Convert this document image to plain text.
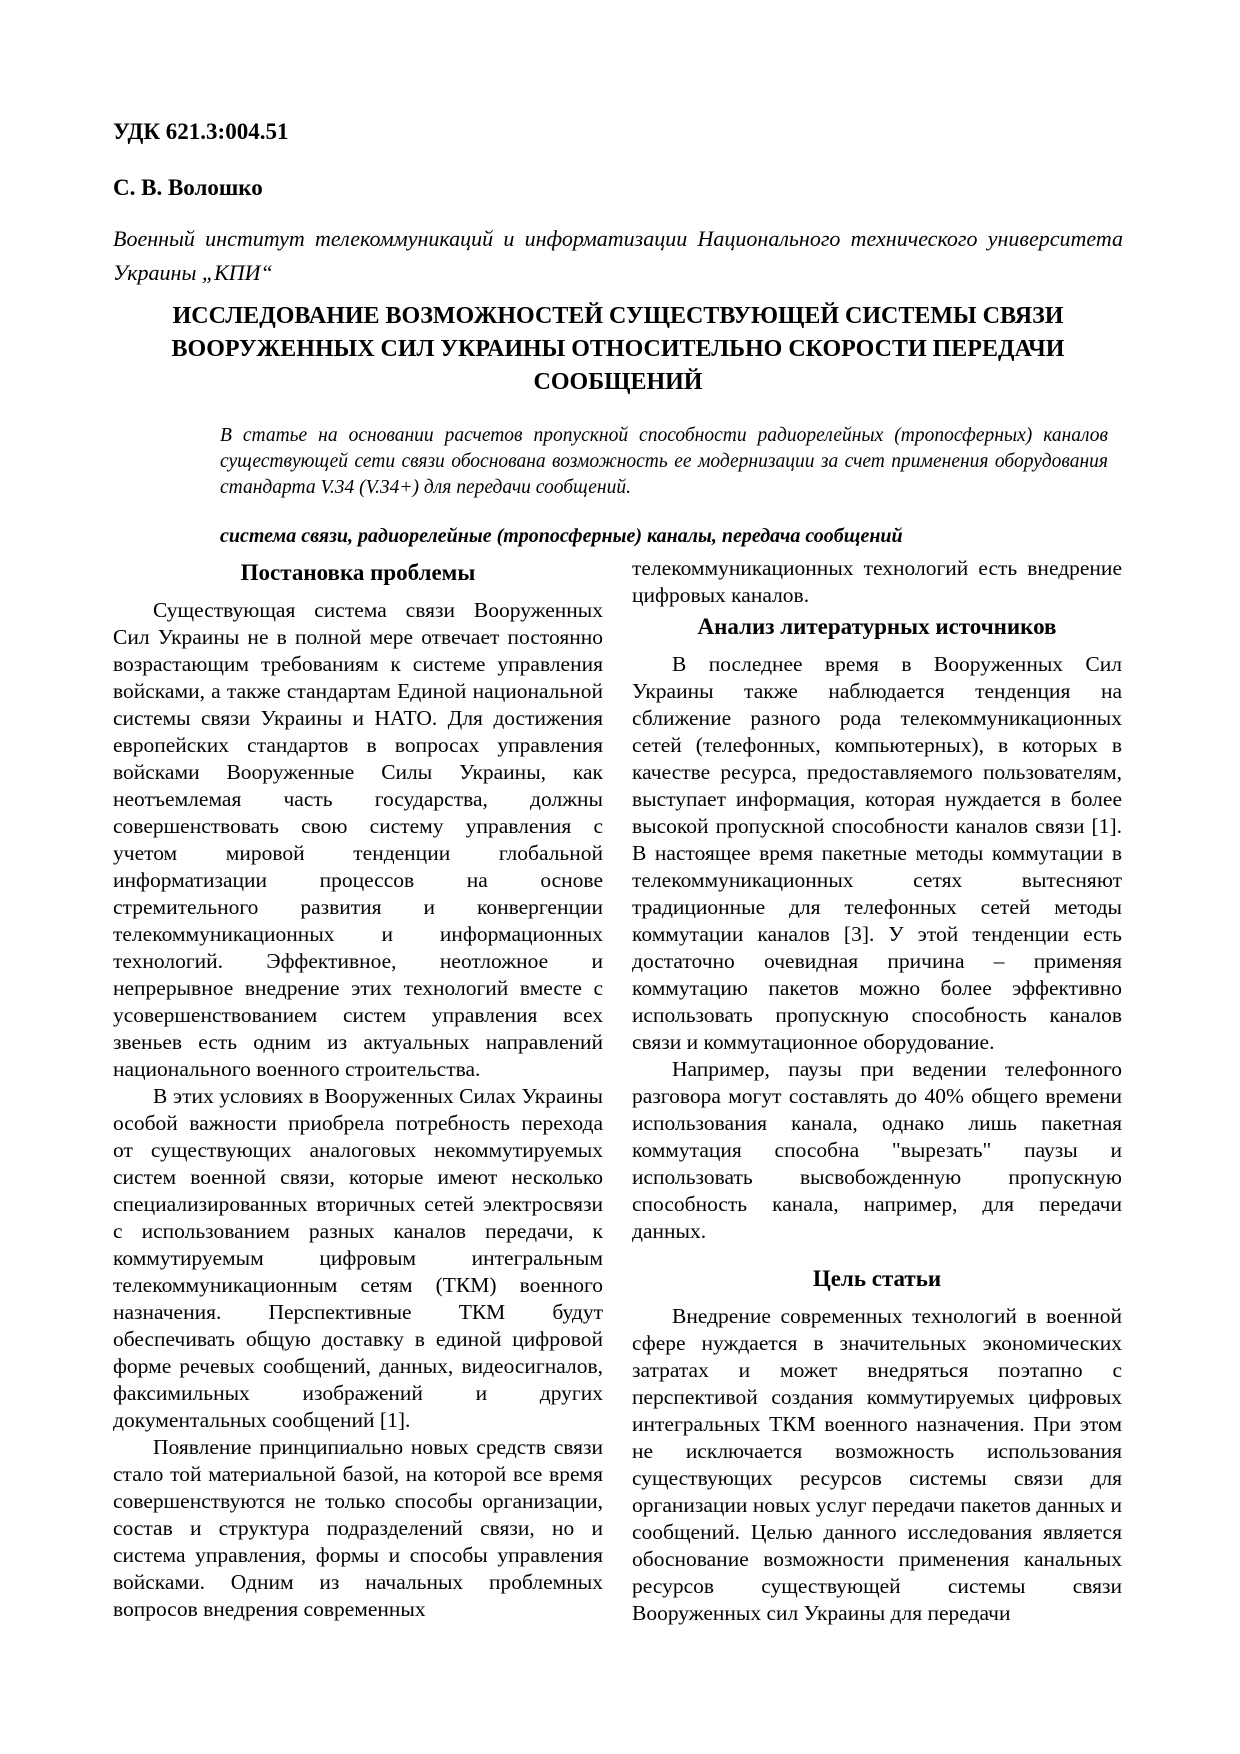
УДК 621.3:004.51
С. В. Волошко
Военный институт телекоммуникаций и информатизации Национального технического университета Украины „КПИ“
ИССЛЕДОВАНИЕ ВОЗМОЖНОСТЕЙ СУЩЕСТВУЮЩЕЙ СИСТЕМЫ СВЯЗИ ВООРУЖЕННЫХ СИЛ УКРАИНЫ ОТНОСИТЕЛЬНО СКОРОСТИ ПЕРЕДАЧИ СООБЩЕНИЙ

В статье на основании расчетов пропускной способности радиорелейных (тропосферных) каналов существующей сети связи обоснована возможность ее модернизации за счет применения оборудования стандарта V.34 (V.34+) для передачи сообщений.

система связи, радиорелейные (тропосферные) каналы, передача сообщений

Постановка проблемы

Существующая система связи Вооруженных Сил Украины не в полной мере отвечает постоянно возрастающим требованиям к системе управления войсками, а также стандартам Единой национальной системы связи Украины и НАТО. Для достижения европейских стандартов в вопросах управления войсками Вооруженные Силы Украины, как неотъемлемая часть государства, должны совершенствовать свою систему управления с учетом мировой тенденции глобальной информатизации процессов на основе стремительного развития и конвергенции телекоммуникационных и информационных технологий. Эффективное, неотложное и непрерывное внедрение этих технологий вместе с усовершенствованием систем управления всех звеньев есть одним из актуальных направлений национального военного строительства.

В этих условиях в Вооруженных Силах Украины особой важности приобрела потребность перехода от существующих аналоговых некоммутируемых систем военной связи, которые имеют несколько специализированных вторичных сетей электросвязи с использованием разных каналов передачи, к коммутируемым цифровым интегральным телекоммуникационным сетям (ТКМ) военного назначения. Перспективные ТКМ будут обеспечивать общую доставку в единой цифровой форме речевых сообщений, данных, видеосигналов, факсимильных изображений и других документальных сообщений [1].

Появление принципиально новых средств связи стало той материальной базой, на которой все время совершенствуются не только способы организации, состав и структура подразделений связи, но и система управления, формы и способы управления войсками. Одним из начальных проблемных вопросов внедрения современных

телекоммуникационных технологий есть внедрение цифровых каналов.

Анализ литературных источников

В последнее время в Вооруженных Сил Украины также наблюдается тенденция на сближение разного рода телекоммуникационных сетей (телефонных, компьютерных), в которых в качестве ресурса, предоставляемого пользователям, выступает информация, которая нуждается в более высокой пропускной способности каналов связи [1]. В настоящее время пакетные методы коммутации в телекоммуникационных сетях вытесняют традиционные для телефонных сетей методы коммутации каналов [3]. У этой тенденции есть достаточно очевидная причина – применяя коммутацию пакетов можно более эффективно использовать пропускную способность каналов связи и коммутационное оборудование.

Например, паузы при ведении телефонного разговора могут составлять до 40% общего времени использования канала, однако лишь пакетная коммутация способна "вырезать" паузы и использовать высвобожденную пропускную способность канала, например, для передачи данных.

Цель статьи

Внедрение современных технологий в военной сфере нуждается в значительных экономических затратах и может внедряться поэтапно с перспективой создания коммутируемых цифровых интегральных ТКМ военного назначения. При этом не исключается возможность использования существующих ресурсов системы связи для организации новых услуг передачи пакетов данных и сообщений. Целью данного исследования является обоснование возможности применения канальных ресурсов существующей системы связи Вооруженных сил Украины для передачи
